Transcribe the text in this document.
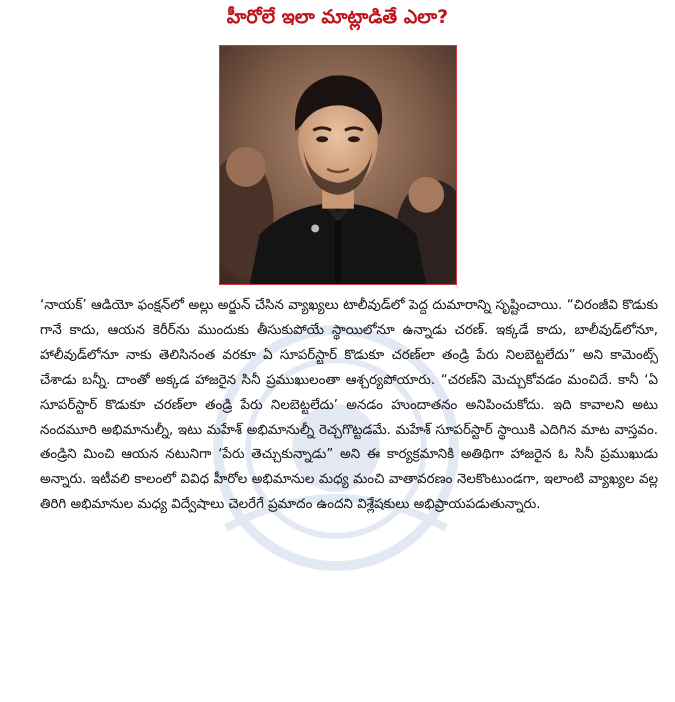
హీరోలే ఇలా మాట్లాడితే ఎలా?

‘నాయక్’ ఆడియో ఫంక్షన్‌లో అల్లు అర్జున్ చేసిన వ్యాఖ్యలు టాలీవుడ్‌లో పెద్ద దుమారాన్ని సృష్టించాయి. “చిరంజీవి కొడుకు గానే కాదు, ఆయన కెరీర్‌ను ముందుకు తీసుకుపోయే స్థాయిలోనూ ఉన్నాడు చరణ్. ఇక్కడే కాదు, బాలీవుడ్‌లోనూ, హాలీవుడ్‌లోనూ నాకు తెలిసినంత వరకూ ఏ సూపర్‌స్టార్ కొడుకూ చరణ్‌లా తండ్రి పేరు నిలబెట్టలేదు” అని కామెంట్స్ చేశాడు బన్నీ. దాంతో అక్కడ హాజరైన సినీ ప్రముఖులంతా ఆశ్చర్యపోయారు. “చరణ్‌ని మెచ్చుకోవడం మంచిదే. కానీ ‘ఏ సూపర్‌స్టార్ కొడుకూ చరణ్‌లా తండ్రి పేరు నిలబెట్టలేదు’ అనడం హుందాతనం అనిపించుకోదు. ఇది కావాలని అటు నందమూరి అభిమానుల్నీ, ఇటు మహేశ్ అభిమానుల్నీ రెచ్చగొట్టడమే. మహేశ్ సూపర్‌స్టార్ స్థాయికి ఎదిగిన మాట వాస్తవం. తండ్రిని మించి ఆయన నటునిగా ‘పేరు తెచ్చుకున్నాడు” అని ఈ కార్యక్రమానికి అతిథిగా హాజరైన ఓ సినీ ప్రముఖుడు అన్నారు. ఇటీవలి కాలంలో వివిధ హీరోల అభిమానుల మధ్య మంచి వాతావరణం నెలకొంటుండగా, ఇలాంటి వ్యాఖ్యల వల్ల తిరిగి అభిమానుల మధ్య విద్వేషాలు చెలరేగే ప్రమాదం ఉందని విశ్లేషకులు అభిప్రాయపడుతున్నారు.
